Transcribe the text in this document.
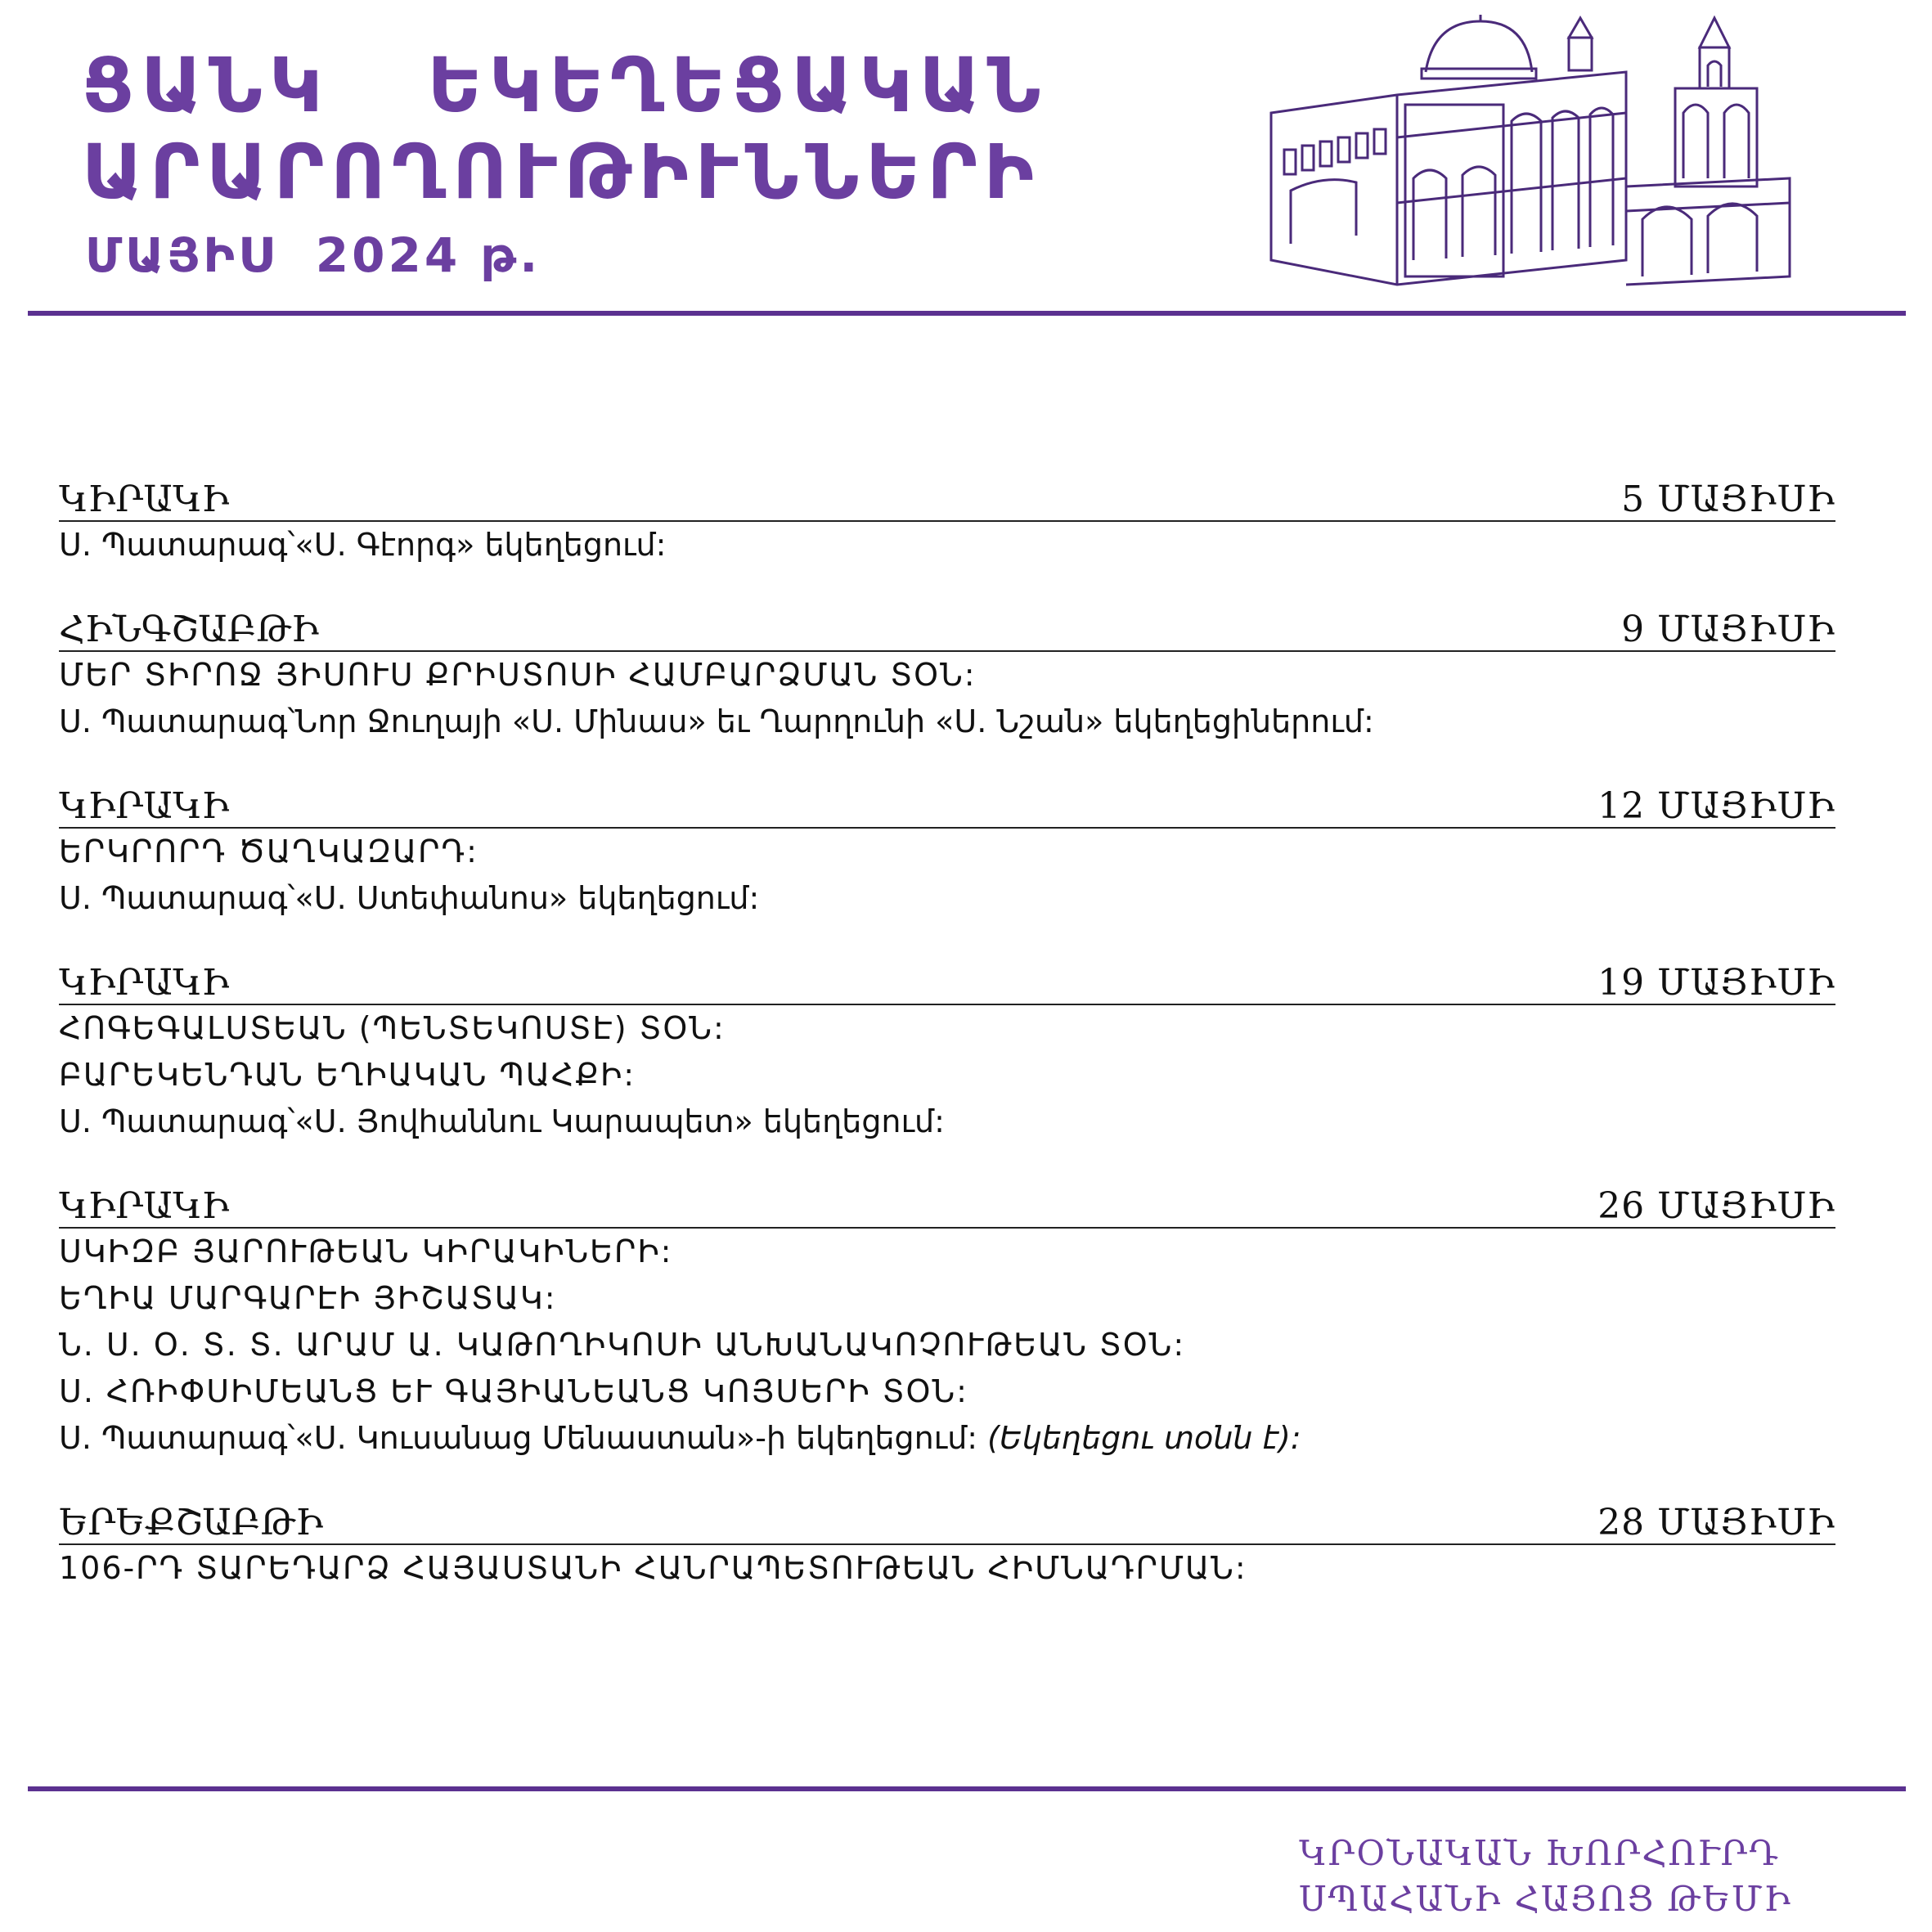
ՑԱՆԿ   ԵԿԵՂԵՑԱԿԱՆ
ԱՐԱՐՈՂՈՒԹԻՒՆՆԵՐԻ
ՄԱՅԻՍ  2024 թ.
ԿԻՐԱԿԻ	5 ՄԱՅԻՍԻ
Ս. Պատարագ՝«Ս. Գէորգ» եկեղեցում:
ՀԻՆԳՇԱԲԹԻ	9 ՄԱՅԻՍԻ
ՄԵՐ ՏԻՐՈՋ ՅԻՍՈՒՍ ՔՐԻՍՏՈՍԻ ՀԱՄԲԱՐՁՄԱՆ ՏՕՆ:
Ս. Պատարագ՝Նոր Ջուղայի «Ս. Մինաս» եւ Ղարղունի «Ս. Նշան» եկեղեցիներում:
ԿԻՐԱԿԻ	12 ՄԱՅԻՍԻ
ԵՐԿՐՈՐԴ ԾԱՂԿԱԶԱՐԴ:
Ս. Պատարագ՝«Ս. Ստեփանոս» եկեղեցում:
ԿԻՐԱԿԻ	19 ՄԱՅԻՍԻ
ՀՈԳԵԳԱԼՍՏԵԱՆ (ՊԵՆՏԵԿՈՍՏԷ) ՏՕՆ:
ԲԱՐԵԿԵՆԴԱՆ ԵՂԻԱԿԱՆ ՊԱՀՔԻ:
Ս. Պատարագ՝«Ս. Յովհաննու Կարապետ» եկեղեցում:
ԿԻՐԱԿԻ	26 ՄԱՅԻՍԻ
ՍԿԻԶԲ ՅԱՐՈՒԹԵԱՆ ԿԻՐԱԿԻՆԵՐԻ:
ԵՂԻԱ ՄԱՐԳԱՐԷԻ ՅԻՇԱՏԱԿ:
Ն. Ս. Օ. Տ. Տ. ԱՐԱՄ Ա. ԿԱԹՈՂԻԿՈՍԻ ԱՆԽԱՆԱԿՈՉՈՒԹԵԱՆ ՏՕՆ:
Ս. ՀՌԻՓՍԻՄԵԱՆՑ ԵՒ ԳԱՅԻԱՆԵԱՆՑ ԿՈՅՍԵՐԻ ՏՕՆ:
Ս. Պատարագ՝«Ս. Կուսանաց Մենաստան»-ի եկեղեցում: (Եկեղեցու տօնն է):
ԵՐԵՔՇԱԲԹԻ	28 ՄԱՅԻՍԻ
106-ՐԴ ՏԱՐԵԴԱՐՁ ՀԱՅԱՍՏԱՆԻ ՀԱՆՐԱՊԵՏՈՒԹԵԱՆ ՀԻՄՆԱԴՐՄԱՆ:
ԿՐՕՆԱԿԱՆ ԽՈՐՀՈՒՐԴ
ՍՊԱՀԱՆԻ ՀԱՅՈՑ ԹԵՄԻ
